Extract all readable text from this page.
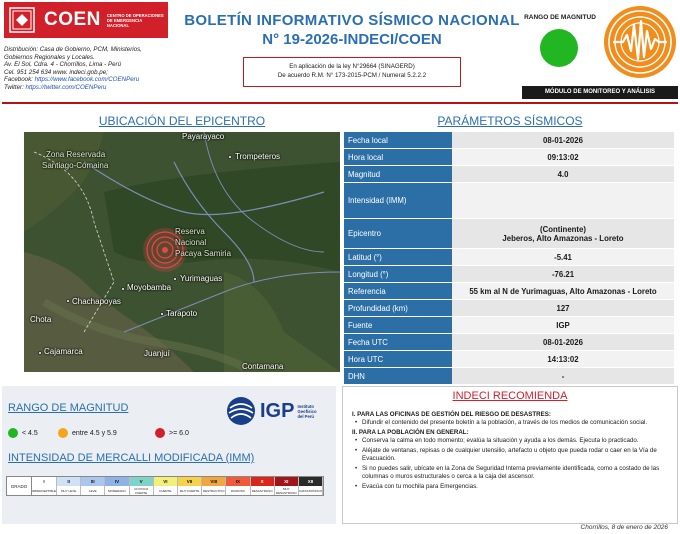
COEN CENTRO DE OPERACIONES DE EMERGENCIA NACIONAL
Distribución: Casa de Gobierno, PCM, Ministerios,
Gobiernos Regionales y Locales.
Av. El Sol, Cdra. 4 - Chorrillos, Lima - Perú
Cel. 951 254 634 www. indeci.gob.pe;
Facebook: https://www.facebook.com/COENPeru
Twitter: https://twitter.com/COENPeru
BOLETÍN INFORMATIVO SÍSMICO NACIONAL
N° 19-2026-INDECI/COEN
En aplicación de la ley N°29664 (SINAGERD)
De acuerdo R.M. N° 173-2015-PCM / Numeral 5.2.2.2
RANGO DE MAGNITUD
MÓDULO DE MONITOREO Y ANÁLISIS
UBICACIÓN DEL EPICENTRO	PARÁMETROS SÍSMICOS
Payarayaco
Trompeteros
Zona Reservada
Santiago-Comaina
Reserva
Nacional
Pacaya Samiria
Yurimaguas
Chachapoyas
Moyobamba
Tarapoto
Chota
Cajamarca	Juanjuí
Contamana
Fecha local	08-01-2026
Hora local	09:13:02
Magnitud	4.0
Intensidad (IMM)
Epicentro	(Continente)
Jeberos, Alto Amazonas - Loreto
Latitud (°)	-5.41
Longitud (°)	-76.21
Referencia	55 km al N de Yurimaguas, Alto Amazonas - Loreto
Profundidad (km)	127
Fuente	IGP
Fecha UTC	08-01-2026
Hora UTC	14:13:02
DHN	-
RANGO DE MAGNITUD	IGP Instituto
Geofísico
del Perú
< 4.5	entre 4.5 y 5.9	>= 6.0
INTENSIDAD DE MERCALLI MODIFICADA (IMM)
GRADO
I
IMPERCEPTIBLE
II
MUY LEVE
III
LEVE
IV
MODERADO
V
UN POCO FUERTE
VI
FUERTE
VII
MUY FUERTE
VIII
DESTRUCTIVO
IX
RUINOSO
X
DESASTROSO
XI
MUY DESASTROSO
XII
CATASTRÓFICO
INDECI RECOMIENDA
I. PARA LAS OFICINAS DE GESTIÓN DEL RIESGO DE DESASTRES:
• Difundir el contenido del presente boletín a la población, a través de los medios de comunicación social.
II. PARA LA POBLACIÓN EN GENERAL:
• Conserva la calma en todo momento; evalúa la situación y ayuda a los demás. Ejecuta lo practicado.
• Aléjate de ventanas, repisas o de cualquier utensilio, artefacto u objeto que pueda rodar o caer en la Vía de Evacuación.
• Si no puedes salir, ubícate en la Zona de Seguridad Interna previamente identificada, como a costado de las columnas o muros estructurales o cerca a la caja del ascensor.
• Evacúa con tu mochila para Emergencias.
Chorrillos, 8 de enero de 2026
